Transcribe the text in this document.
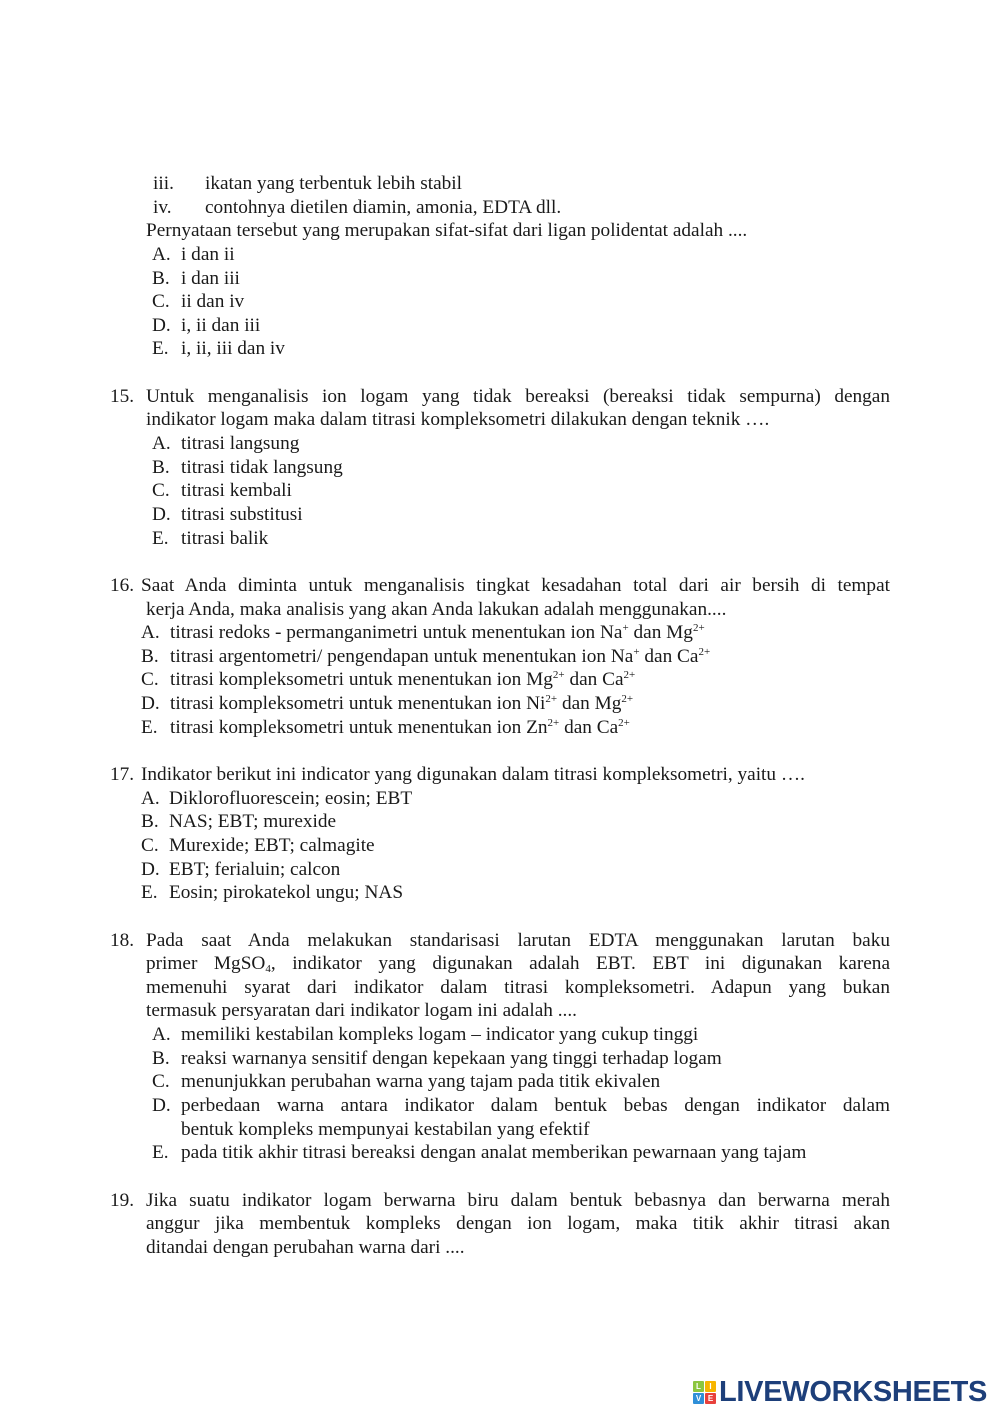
iii. ikatan yang terbentuk lebih stabil
iv. contohnya dietilen diamin, amonia, EDTA dll.
Pernyataan tersebut yang merupakan sifat-sifat dari ligan polidentat adalah ....
A. i dan ii
B. i dan iii
C. ii dan iv
D. i, ii dan iii
E. i, ii, iii dan iv
15. Untuk menganalisis ion logam yang tidak bereaksi (bereaksi tidak sempurna) dengan
indikator logam maka dalam titrasi kompleksometri dilakukan dengan teknik ….
A. titrasi langsung
B. titrasi tidak langsung
C. titrasi kembali
D. titrasi substitusi
E. titrasi balik
16. Saat Anda diminta untuk menganalisis tingkat kesadahan total dari air bersih di tempat
kerja Anda, maka analisis yang akan Anda lakukan adalah menggunakan....
A. titrasi redoks - permanganimetri untuk menentukan ion Na+ dan $Mg^{2+}$
B. titrasi argentometri/ pengendapan untuk menentukan ion Na+ dan $Ca^{2+}$
C. titrasi kompleksometri untuk menentukan ion $Mg^{2+}$ dan $Ca^{2+}$
D. titrasi kompleksometri untuk menentukan ion $Ni^{2+}$ dan $Mg^{2+}$
E. titrasi kompleksometri untuk menentukan ion $Zn^{2+}$ dan $Ca^{2+}$
17. Indikator berikut ini indicator yang digunakan dalam titrasi kompleksometri, yaitu ….
A. Diklorofluorescein; eosin; EBT
B. NAS; EBT; murexide
C. Murexide; EBT; calmagite
D. EBT; ferialuin; calcon
E. Eosin; pirokatekol ungu; NAS
18. Pada saat Anda melakukan standarisasi larutan EDTA menggunakan larutan baku
primer MgSO$_4$, indikator yang digunakan adalah EBT. EBT ini digunakan karena
memenuhi syarat dari indikator dalam titrasi kompleksometri. Adapun yang bukan
termasuk persyaratan dari indikator logam ini adalah ....
A. memiliki kestabilan kompleks logam – indicator yang cukup tinggi
B. reaksi warnanya sensitif dengan kepekaan yang tinggi terhadap logam
C. menunjukkan perubahan warna yang tajam pada titik ekivalen
D. perbedaan warna antara indikator dalam bentuk bebas dengan indikator dalam
bentuk kompleks mempunyai kestabilan yang efektif
E. pada titik akhir titrasi bereaksi dengan analat memberikan pewarnaan yang tajam
19. Jika suatu indikator logam berwarna biru dalam bentuk bebasnya dan berwarna merah
anggur jika membentuk kompleks dengan ion logam, maka titik akhir titrasi akan
ditandai dengan perubahan warna dari ....
L	I
V E LIVEWORKSHEETS
